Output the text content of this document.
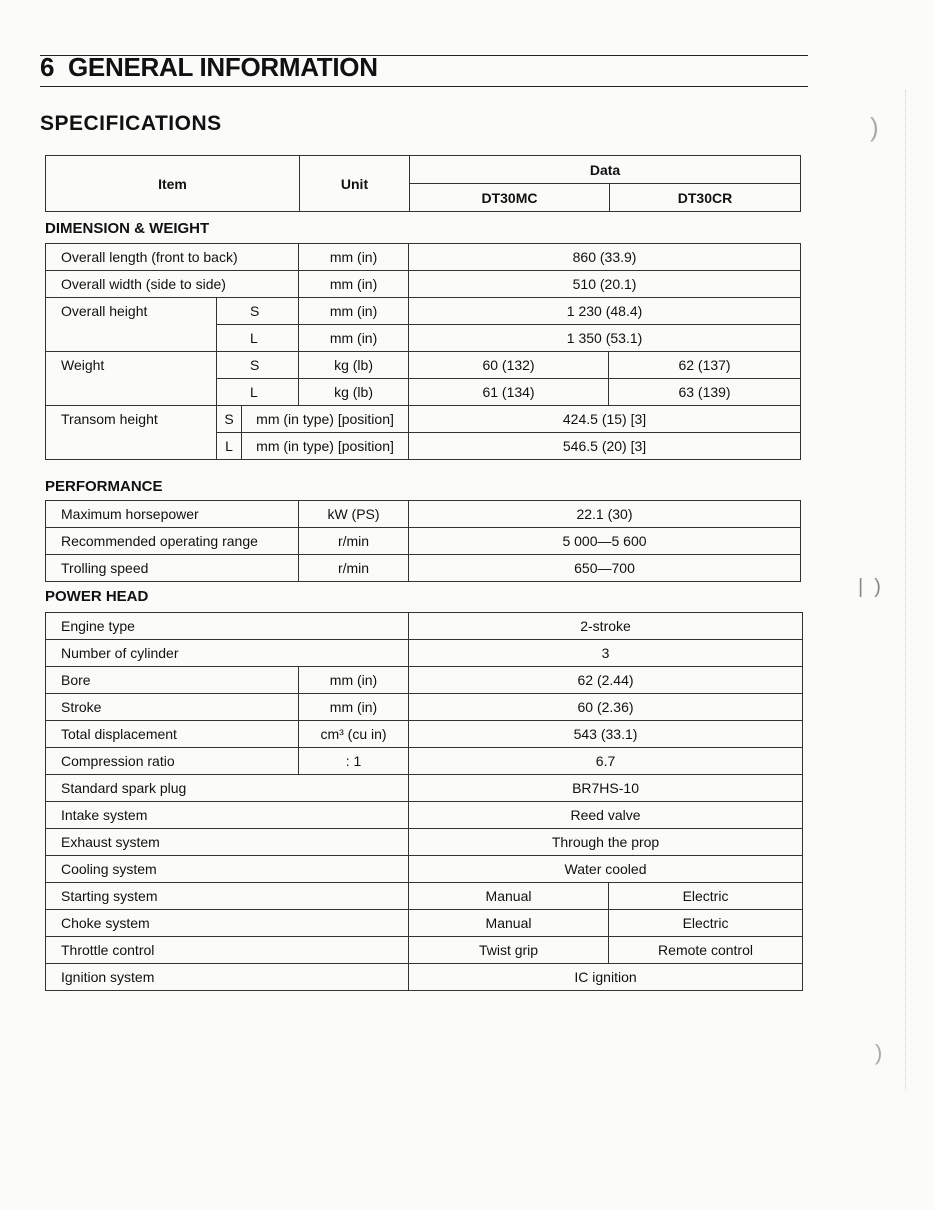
6  GENERAL INFORMATION
SPECIFICATIONS
Item	Unit	Data	
		DT30MC	DT30CR
DIMENSION & WEIGHT
Overall length (front to back)			mm (in)	860 (33.9)	
Overall width (side to side)			mm (in)	510 (20.1)	
Overall height	S		mm (in)	1 230 (48.4)	
	L		mm (in)	1 350 (53.1)	
Weight	S		kg (lb)	60 (132)	62 (137)
	L		kg (lb)	61 (134)	63 (139)
Transom height	S	mm (in type) [position]		424.5 (15) [3]	
	L	mm (in type) [position]		546.5 (20) [3]	
PERFORMANCE
Maximum horsepower	kW (PS)	22.1 (30)
Recommended operating range	r/min	5 000—5 600
Trolling speed	r/min	650—700
POWER HEAD
Engine type		2-stroke	
Number of cylinder		3	
Bore	mm (in)	62 (2.44)	
Stroke	mm (in)	60 (2.36)	
Total displacement	cm³ (cu in)	543 (33.1)	
Compression ratio	: 1	6.7	
Standard spark plug		BR7HS-10	
Intake system		Reed valve	
Exhaust system		Through the prop	
Cooling system		Water cooled	
Starting system		Manual	Electric
Choke system		Manual	Electric
Throttle control		Twist grip	Remote control
Ignition system		IC ignition	
)
|  )
)
